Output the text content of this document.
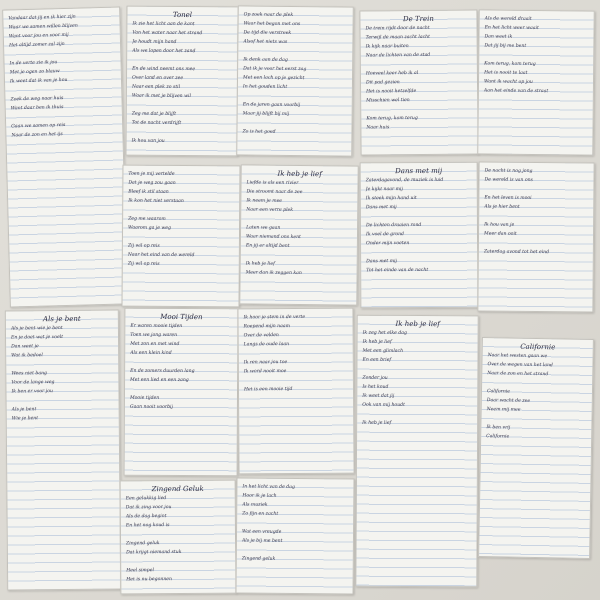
Vandaar dat jij en ik hier zijn
Waar we samen willen blijven
Want voor jou en voor mij
Het altijd zomer zal zijn
In de verte zie ik jou
Met je ogen zo blauw
Ik weet dat ik van je hou
Zoek de weg naar huis
Want daar ben ik thuis
Gaan we samen op reis
Naar de zon en het ijs
Tonel
Ik zie het licht aan de kant
Van het water naar het strand
Je houdt mijn hand
Als we lopen door het zand
En de wind neemt ons mee
Over land en over zee
Naar een plek zo stil
Waar ik met je blijven wil
Zeg me dat je blijft
Tot de nacht verdrijft
Ik hou van jou
Op zoek naar de plek
Waar het begon met ons
De tijd die verstreek
Alsof het niets was
Ik denk aan de dag
Dat ik je voor het eerst zag
Met een lach op je gezicht
In het gouden licht
En de jaren gaan voorbij
Maar jij blijft bij mij
Zo is het goed
De Trein
De trein rijdt door de nacht
Terwijl de maan zacht lacht
Ik kijk naar buiten
Naar de lichten van de stad
Hoeveel keer heb ik al
Dit pad gezien
Het is nooit hetzelfde
Misschien wel tien
Kom terug, kom terug
Naar huis
Als de wereld draait
En het licht weer waait
Dan weet ik
Dat jij bij me bent
Kom terug, kom terug
Het is nooit te laat
Want ik wacht op jou
Aan het einde van de straat
Toen je mij vertelde
Dat je weg zou gaan
Bleef ik stil staan
Ik kon het niet verstaan
Zeg me waarom
Waarom ga je weg
Zij wil op reis
Naar het eind van de wereld
Zij wil op reis
Ik heb je lief
Liefde is als een rivier
Die stroomt naar de zee
Ik neem je mee
Naar een verre plek
Laten we gaan
Waar niemand ons kent
En jij er altijd bent
Ik heb je lief
Meer dan ik zeggen kan
Dans met mij
Zaterdagavond, de muziek is luid
Je kijkt naar mij
Ik steek mijn hand uit
Dans met mij
De lichten draaien rond
Ik voel de grond
Onder mijn voeten
Dans met mij
Tot het einde van de nacht
De nacht is nog jong
De wereld is van ons
En het leven is mooi
Als je hier bent
Ik hou van je
Meer dan ooit
Zaterdag avond tot het eind
Als je bent
Als je bent wie je bent
En je doet wat je voelt
Dan weet je
Wat ik bedoel
Wees niet bang
Voor de lange weg
Ik ben er voor jou
Als je bent
Wie je bent
Mooi Tijden
Er waren mooie tijden
Toen we jong waren
Met zon en met wind
Als een klein kind
En de zomers duurden lang
Met een lied en een zang
Mooie tijden
Gaan nooit voorbij
Ik hoor je stem in de verte
Roepend mijn naam
Over de velden
Langs de oude laan
Ik ren naar jou toe
Ik word nooit moe
Het is een mooie tijd
Ik heb je lief
Ik zeg het elke dag
Ik heb je lief
Met een glimlach
En een brief
Zonder jou
Is het koud
Ik weet dat jij
Ook van mij houdt
Ik heb je lief
Californie
Naar het westen gaan we
Over de wegen van het land
Naar de zon en het strand
Californie
Daar wacht de zee
Neem mij mee
Ik ben vrij
Californie
Zingend Geluk
Een gelukkig lied
Dat ik zing voor jou
Als de dag begint
En het nog koud is
Zingend geluk
Dat krijgt niemand stuk
Heel simpel
Het is nu begonnen
In het licht van de dag
Hoor ik je lach
Als muziek
Zo fijn en zacht
Wat een vreugde
Als je bij me bent
Zingend geluk
